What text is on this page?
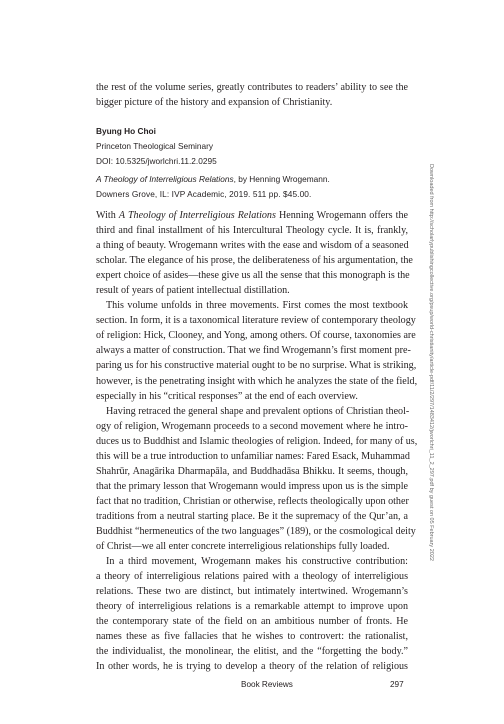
the rest of the volume series, greatly contributes to readers’ ability to see the
bigger picture of the history and expansion of Christianity.
Byung Ho Choi
Princeton Theological Seminary
DOI: 10.5325/jworlchri.11.2.0295
A Theology of Interreligious Relations, by Henning Wrogemann.
Downers Grove, IL: IVP Academic, 2019. 511 pp. $45.00.
With A Theology of Interreligious Relations Henning Wrogemann offers the
third and final installment of his Intercultural Theology cycle. It is, frankly,
a thing of beauty. Wrogemann writes with the ease and wisdom of a seasoned
scholar. The elegance of his prose, the deliberateness of his argumentation, the
expert choice of asides—these give us all the sense that this monograph is the
result of years of patient intellectual distillation.
This volume unfolds in three movements. First comes the most textbook
section. In form, it is a taxonomical literature review of contemporary theology
of religion: Hick, Clooney, and Yong, among others. Of course, taxonomies are
always a matter of construction. That we find Wrogemann’s first moment pre-
paring us for his constructive material ought to be no surprise. What is striking,
however, is the penetrating insight with which he analyzes the state of the field,
especially in his “critical responses” at the end of each overview.
Having retraced the general shape and prevalent options of Christian theol-
ogy of religion, Wrogemann proceeds to a second movement where he intro-
duces us to Buddhist and Islamic theologies of religion. Indeed, for many of us,
this will be a true introduction to unfamiliar names: Fared Esack, Muhammad
Shahrūr, Anagārika Dharmapāla, and Buddhadāsa Bhikku. It seems, though,
that the primary lesson that Wrogemann would impress upon us is the simple
fact that no tradition, Christian or otherwise, reflects theologically upon other
traditions from a neutral starting place. Be it the supremacy of the Qur’an, a
Buddhist “hermeneutics of the two languages” (189), or the cosmological deity
of Christ—we all enter concrete interreligious relationships fully loaded.
In a third movement, Wrogemann makes his constructive contribution:
a theory of interreligious relations paired with a theology of interreligious
relations. These two are distinct, but intimately intertwined. Wrogemann’s
theory of interreligious relations is a remarkable attempt to improve upon
the contemporary state of the field on an ambitious number of fronts. He
names these as five fallacies that he wishes to controvert: the rationalist,
the individualist, the monolinear, the elitist, and the “forgetting the body.”
In other words, he is trying to develop a theory of the relation of religious
Book Reviews	297
Downloaded from http://scholarlypublishingcollective.org/psup/world-christianity/article-pdf/11/2/297/1483412/jworlchri_11_2_297.pdf by guest on 05 February 2022
